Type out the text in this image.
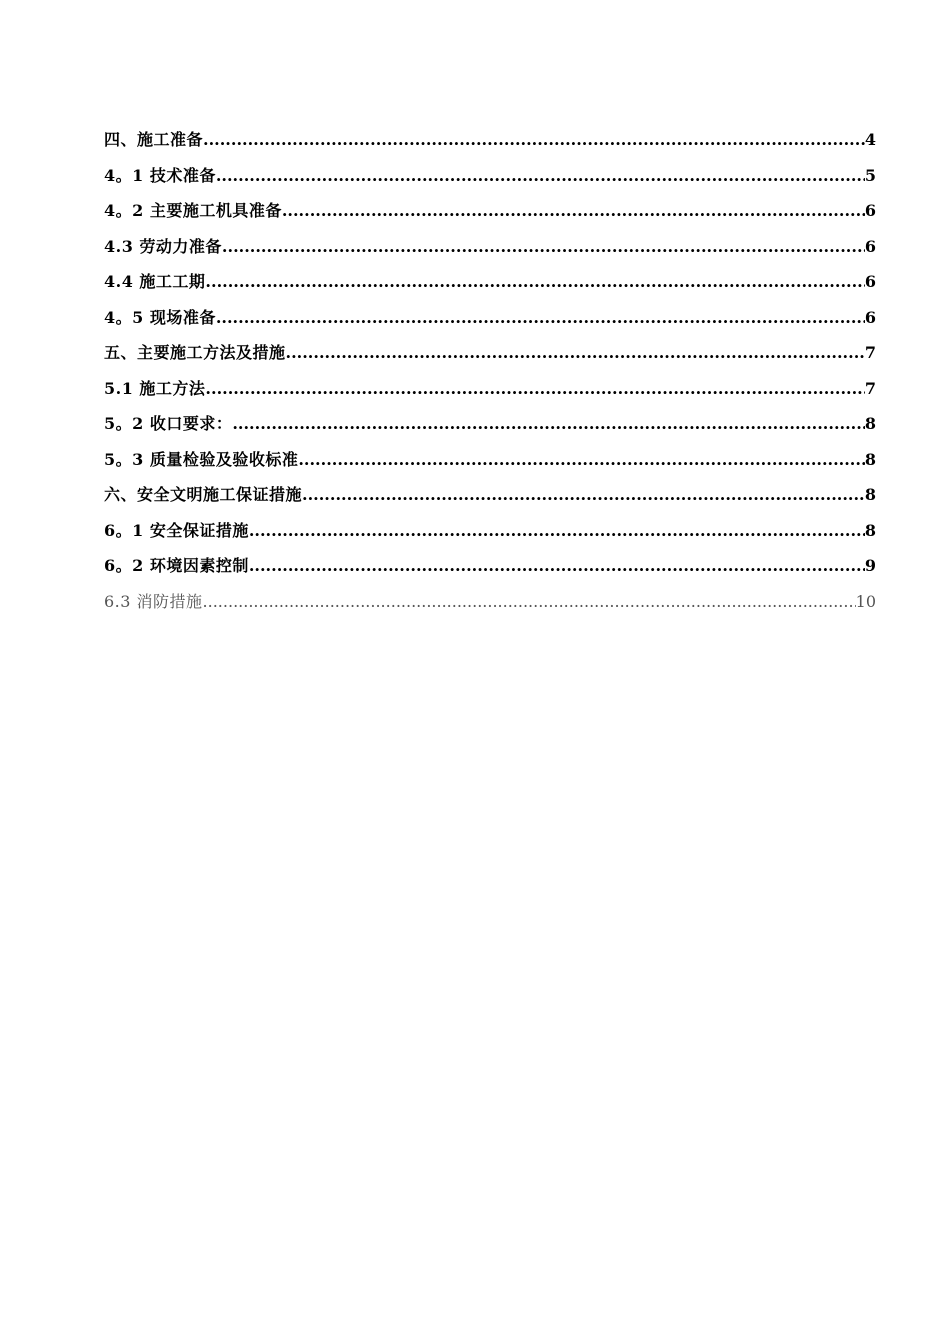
四、施工准备 .....	4
4。1 技术准备 .....	5
4。2 主要施工机具准备 .....	6
4.3 劳动力准备 .....	6
4.4 施工工期 .....	6
4。5 现场准备 .....	6
五、主要施工方法及措施 .....	7
5.1 施工方法 .....	7
5。2 收口要求： .....	8
5。3 质量检验及验收标准 .....	8
六、安全文明施工保证措施 .....	8
6。1 安全保证措施 .....	8
6。2 环境因素控制 .....	9
6.3 消防措施 .....	10
